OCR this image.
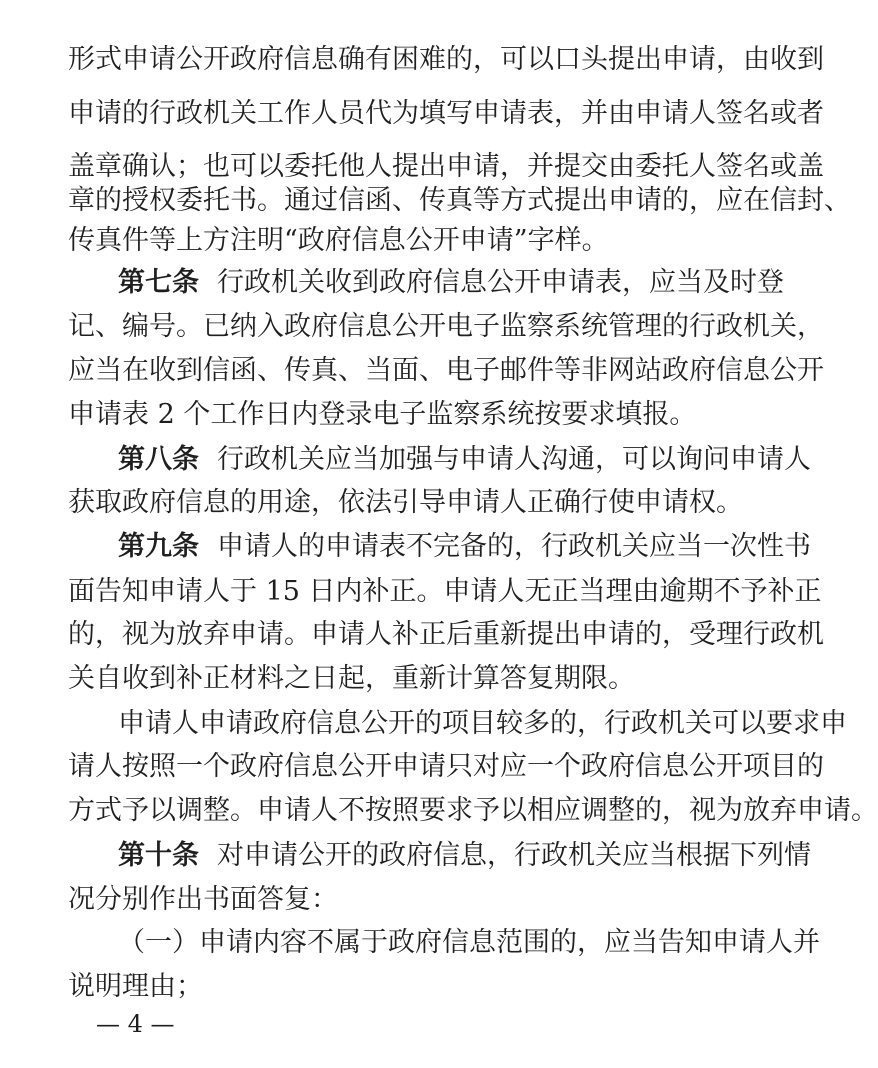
形式申请公开政府信息确有困难的，可以口头提出申请，由收到
申请的行政机关工作人员代为填写申请表，并由申请人签名或者
盖章确认；也可以委托他人提出申请，并提交由委托人签名或盖
章的授权委托书。通过信函、传真等方式提出申请的，应在信封、
传真件等上方注明“政府信息公开申请”字样。
第七条 行政机关收到政府信息公开申请表，应当及时登
记、编号。已纳入政府信息公开电子监察系统管理的行政机关，
应当在收到信函、传真、当面、电子邮件等非网站政府信息公开
申请表 2 个工作日内登录电子监察系统按要求填报。
第八条 行政机关应当加强与申请人沟通，可以询问申请人
获取政府信息的用途，依法引导申请人正确行使申请权。
第九条 申请人的申请表不完备的，行政机关应当一次性书
面告知申请人于 15 日内补正。申请人无正当理由逾期不予补正
的，视为放弃申请。申请人补正后重新提出申请的，受理行政机
关自收到补正材料之日起，重新计算答复期限。
申请人申请政府信息公开的项目较多的，行政机关可以要求申
请人按照一个政府信息公开申请只对应一个政府信息公开项目的
方式予以调整。申请人不按照要求予以相应调整的，视为放弃申请。
第十条 对申请公开的政府信息，行政机关应当根据下列情
况分别作出书面答复：
（一）申请内容不属于政府信息范围的，应当告知申请人并
说明理由；
— 4 —
